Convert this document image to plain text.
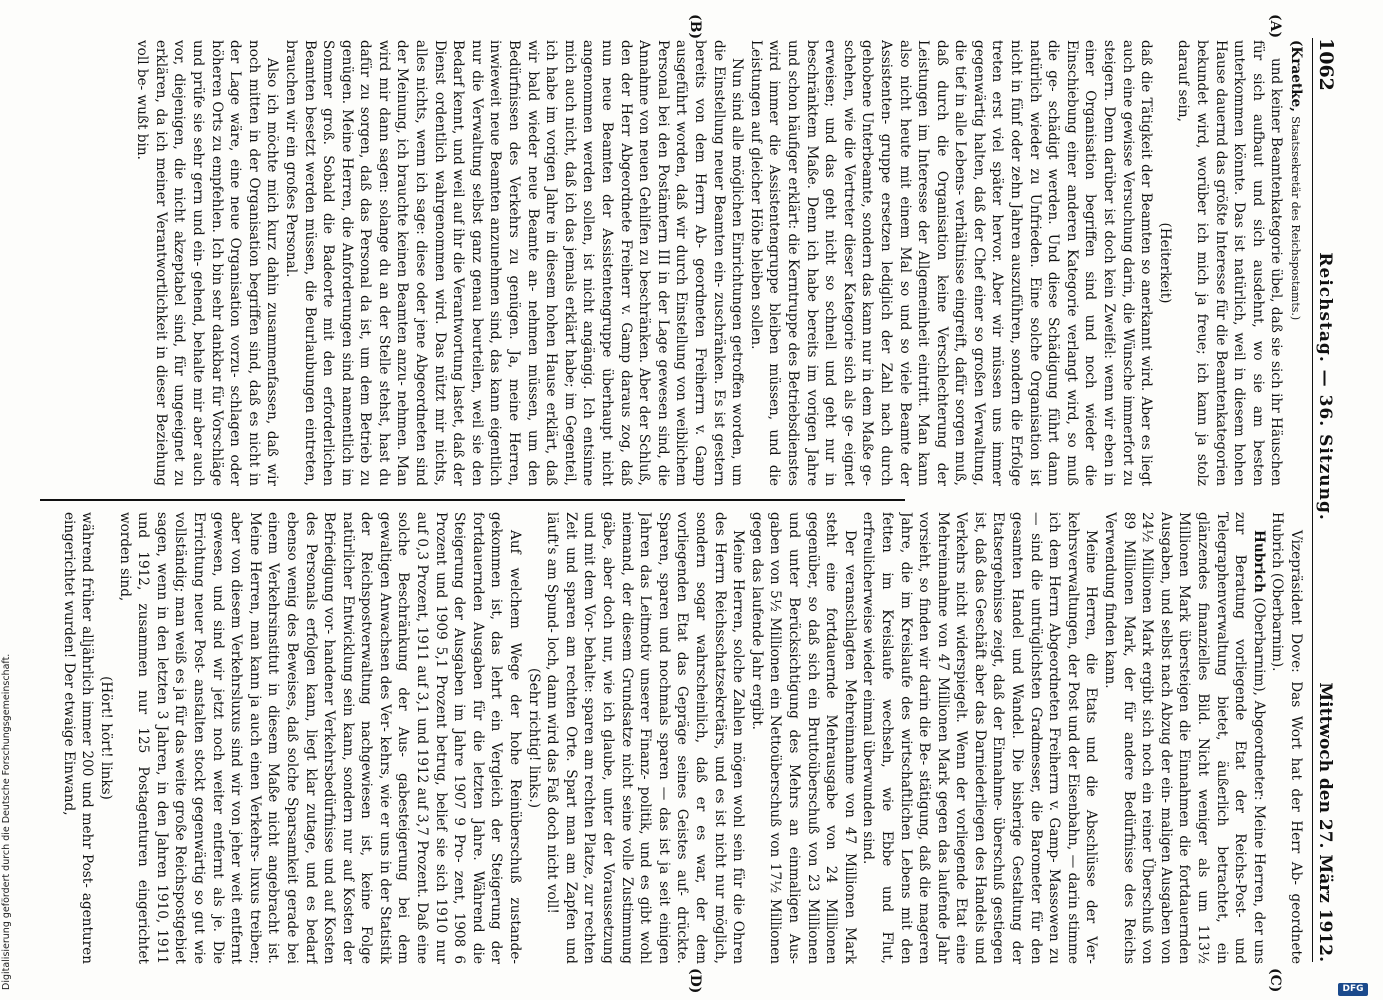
1062
Reichstag. — 36. Sitzung.
Mittwoch den 27. März 1912.
(A)
(B)
(C)
(D)

(Kraetke, Staatssekretär des Reichspostamts.)

und keiner Beamtenkategorie übel, daß sie sich ihr Häuschen für sich aufbaut und sich ausdehnt, wo sie am besten unterkommen könnte. Das ist natürlich, weil in diesem hohen Hause dauernd das größte Interesse für die Beamtenkategorien bekundet wird, worüber ich mich ja freue; ich kann ja stolz darauf sein,

(Heiterkeit)

daß die Tätigkeit der Beamten so anerkannt wird. Aber es liegt auch eine gewisse Versuchung darin, die Wünsche immerfort zu steigern. Denn darüber ist doch kein Zweifel: wenn wir eben in einer Organisation begriffen sind und noch wieder die Einschiebung einer anderen Kategorie verlangt wird, so muß die ge- schädigt werden. Und diese Schädigung führt dann natürlich wieder zu Unfrieden. Eine solche Organisation ist nicht in fünf oder zehn Jahren auszuführen, sondern die Erfolge treten erst viel später hervor. Aber wir müssen uns immer gegenwärtig halten, daß der Chef einer so großen Verwaltung, die tief in alle Lebens- verhältnisse eingreift, dafür sorgen muß, daß durch die Organisation keine Verschlechterung der Leistungen im Interesse der Allgemeinheit eintritt. Man kann also nicht heute mit einem Mal so und so viele Beamte der Assistenten- gruppe ersetzen lediglich der Zahl nach durch gehobene Unterbeamte, sondern das kann nur in dem Maße ge- schehen, wie die Vertreter dieser Kategorie sich als ge- eignet erweisen; und das geht nicht so schnell und geht nur in beschränktem Maße. Denn ich habe bereits im vorigen Jahre und schon häufiger erklärt: die Kerntruppe des Betriebsdienstes wird immer die Assistentengruppe bleiben müssen, und die Leistungen auf gleicher Höhe bleiben sollen.

Nun sind alle möglichen Einrichtungen getroffen worden, um die Einstellung neuer Beamten ein- zuschränken. Es ist gestern bereits von dem Herrn Ab- geordneten Freiherrn v. Gamp ausgeführt worden, daß wir durch Einstellung von weiblichem Personal bei den Postämtern III in der Lage gewesen sind, die Annahme von neuen Gehilfen zu beschränken. Aber der Schluß, den der Herr Abgeordnete Freiherr v. Gamp daraus zog, daß nun neue Beamten der Assistentengruppe überhaupt nicht angenommen werden sollen, ist nicht angängig. Ich entsinne mich auch nicht, daß ich das jemals erklärt habe; im Gegenteil, ich habe im vorigen Jahre in diesem hohen Hause erklärt, daß wir bald wieder neue Beamte an- nehmen müssen, um den Bedürfnissen des Verkehrs zu genügen. Ja, meine Herren, inwieweit neue Beamten anzunehmen sind, das kann eigentlich nur die Verwaltung selbst ganz genau beurteilen, weil sie den Bedarf kennt, und weil auf ihr die Verantwortung lastet, daß der Dienst ordentlich wahrgenommen wird. Das nützt mir nichts, alles nichts, wenn ich sage: diese oder jene Abgeordneten sind der Meinung, ich brauchte keinen Beamten anzu- nehmen. Man wird mir dann sagen: solange du an der Stelle stehst, hast du dafür zu sorgen, daß das Personal da ist, um dem Betrieb zu genügen. Meine Herren, die Anforderungen sind namentlich im Sommer groß. Sobald die Badeorte mit den erforderlichen Beamten besetzt werden müssen, die Beurlaubungen eintreten, brauchen wir ein großes Personal.

Also ich möchte mich kurz dahin zusammenfassen, daß wir noch mitten in der Organisation begriffen sind, daß es nicht in der Lage wäre, eine neue Organisation vorzu- schlagen oder höheren Orts zu empfehlen. Ich bin sehr dankbar für Vorschläge und prüfe sie sehr gern und ein- gehend, behalte mir aber auch vor, diejenigen, die nicht akzeptabel sind, für ungeeignet zu erklären, da ich meiner Verantwortlichkeit in dieser Beziehung voll be- wußt bin.

Vizepräsident Dove: Das Wort hat der Herr Ab- geordnete Hubrich (Oberbarnim).

Hubrich (Oberbarnim), Abgeordneter: Meine Herren, der uns zur Beratung vorliegende Etat der Reichs-Post- und Telegraphenverwaltung bietet, äußerlich betrachtet, ein glänzendes finanzielles Bild. Nicht weniger als um 113½ Millionen Mark übersteigen die Einnahmen die fortdauernden Ausgaben, und selbst nach Abzug der ein- maligen Ausgaben von 24½ Millionen Mark ergibt sich noch ein reiner Überschuß von 89 Millionen Mark, der für andere Bedürfnisse des Reichs Verwendung finden kann.

Meine Herren, die Etats und die Abschlüsse der Ver- kehrsverwaltungen, der Post und der Eisenbahn, — darin stimme ich dem Herrn Abgeordneten Freiherrn v. Gamp- Massowen zu — sind die untrüglichsten Gradmesser, die Barometer für den gesamten Handel und Wandel. Die bisherige Gestaltung der Etatsergebnisse zeigt, daß der Einnahme- überschuß gestiegen ist, daß das Geschäft aber das Darniederliegen des Handels und Verkehrs nicht widerspiegelt. Wenn der vorliegende Etat eine Mehreinnahme von 47 Millionen Mark gegen das laufende Jahr vorsieht, so finden wir darin die Be- stätigung, daß die mageren Jahre, die im Kreislaufe des wirtschaftlichen Lebens mit den fetten im Kreislaufe wechseln, wie Ebbe und Flut, erfreulicherweise wieder einmal überwunden sind.

Der veranschlagten Mehreinnahme von 47 Millionen Mark steht eine fortdauernde Mehrausgabe von 24 Millionen gegenüber, so daß sich ein Bruttoüberschuß von 23 Millionen und unter Berücksichtigung des Mehrs an einmaligen Aus- gaben von 5½ Millionen ein Nettoüberschuß von 17½ Millionen gegen das laufende Jahr ergibt.

Meine Herren, solche Zahlen mögen wohl sein für die Ohren des Herrn Reichsschatzsekretärs, und es ist nicht nur möglich, sondern sogar wahrscheinlich, daß er es war, der dem vorliegenden Etat das Gepräge seines Geistes auf- drückte. Sparen, sparen und nochmals sparen — das ist ja seit einigen Jahren das Leitmotiv unserer Finanz- politik, und es gibt wohl niemand, der diesem Grundsatze nicht seine volle Zustimmung gäbe, aber doch nur, wie ich glaube, unter der Voraussetzung und mit dem Vor- behalte: sparen am rechten Platze, zur rechten Zeit und sparen am rechten Orte. Spart man am Zapfen und läuft's am Spund- loch, dann wird das Faß doch nicht voll!

(Sehr richtig! links.)

Auf welchem Wege der hohe Reinüberschuß zustande- gekommen ist, das lehrt ein Vergleich der Steigerung der fortdauernden Ausgaben für die letzten Jahre. Während die Steigerung der Ausgaben im Jahre 1907 9 Pro- zent, 1908 6 Prozent und 1909 5,1 Prozent betrug, belief sie sich 1910 nur auf 0,3 Prozent, 1911 auf 3,1 und 1912 auf 3,7 Prozent. Daß eine solche Beschränkung der Aus- gabesteigerung bei dem gewaltigen Anwachsen des Ver- kehrs, wie er uns in der Statistik der Reichspostverwaltung nachgewiesen ist, keine Folge natürlicher Entwicklung sein kann, sondern nur auf Kosten der Befriedigung vor- handener Verkehrsbedürfnisse und auf Kosten des Personals erfolgen kann, liegt klar zutage, und es bedarf ebenso wenig des Beweises, daß solche Sparsamkeit gerade bei einem Verkehrsinstitut in diesem Maße nicht angebracht ist. Meine Herren, man kann ja auch einen Verkehrs- luxus treiben; aber von diesem Verkehrsluxus sind wir von jeher weit entfernt gewesen, und sind wir jetzt noch weiter entfernt als je. Die Errichtung neuer Post- anstalten stockt gegenwärtig so gut wie vollständig; man weiß es ja für das weite große Reichspostgebiet sagen, wenn in den letzten 3 Jahren, in den Jahren 1910, 1911 und 1912, zusammen nur 125 Postagenturen eingerichtet worden sind,

(Hört! hört! links)

während früher alljährlich immer 200 und mehr Post- agenturen eingerichtet wurden! Der etwaige Einwand,

Digitalisierung gefördert durch die Deutsche Forschungsgemeinschaft.	DFG
